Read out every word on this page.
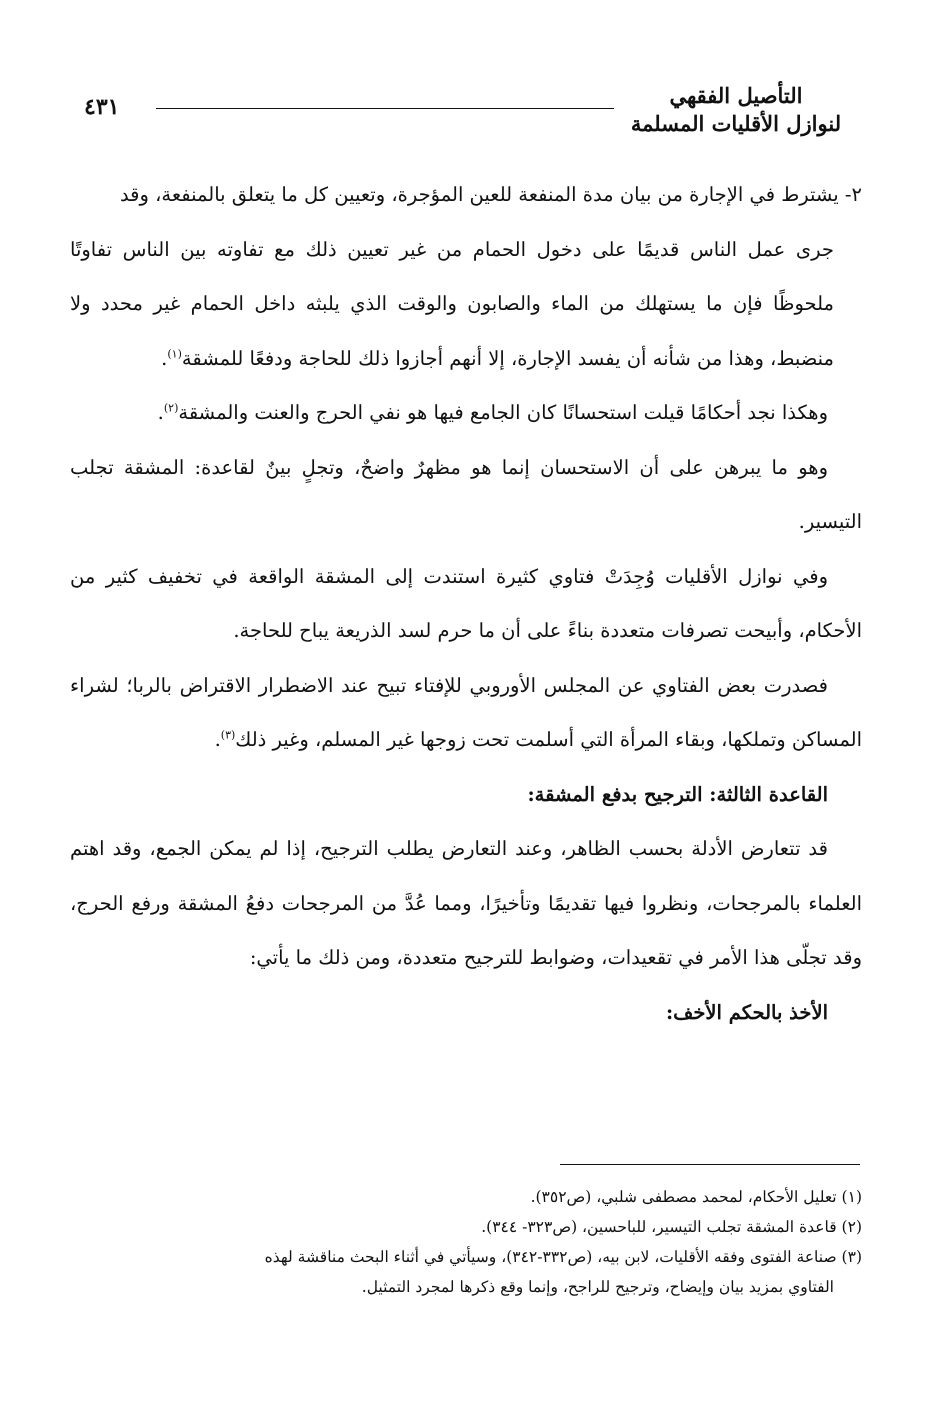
التأصيل الفقهي
لنوازل الأقليات المسلمة
٤٣١

٢- يشترط في الإجارة من بيان مدة المنفعة للعين المؤجرة، وتعيين كل ما يتعلق بالمنفعة، وقد

جرى عمل الناس قديمًا على دخول الحمام من غير تعيين ذلك مع تفاوته بين الناس تفاوتًا ملحوظًا فإن ما يستهلك من الماء والصابون والوقت الذي يلبثه داخل الحمام غير محدد ولا منضبط، وهذا من شأنه أن يفسد الإجارة، إلا أنهم أجازوا ذلك للحاجة ودفعًا للمشقة$^{(١)}$.

وهكذا نجد أحكامًا قيلت استحسانًا كان الجامع فيها هو نفي الحرج والعنت والمشقة$^{(٢)}$.

وهو ما يبرهن على أن الاستحسان إنما هو مظهرٌ واضحٌ، وتجلٍ بينٌ لقاعدة: المشقة تجلب التيسير.

وفي نوازل الأقليات وُجِدَتْ فتاوي كثيرة استندت إلى المشقة الواقعة في تخفيف كثير من الأحكام، وأبيحت تصرفات متعددة بناءً على أن ما حرم لسد الذريعة يباح للحاجة.

فصدرت بعض الفتاوي عن المجلس الأوروبي للإفتاء تبيح عند الاضطرار الاقتراض بالربا؛ لشراء المساكن وتملكها، وبقاء المرأة التي أسلمت تحت زوجها غير المسلم، وغير ذلك$^{(٣)}$.

القاعدة الثالثة: الترجيح بدفع المشقة:

قد تتعارض الأدلة بحسب الظاهر، وعند التعارض يطلب الترجيح، إذا لم يمكن الجمع، وقد اهتم العلماء بالمرجحات، ونظروا فيها تقديمًا وتأخيرًا، ومما عُدَّ من المرجحات دفعُ المشقة ورفع الحرج، وقد تجلّى هذا الأمر في تقعيدات، وضوابط للترجيح متعددة، ومن ذلك ما يأتي:

الأخذ بالحكم الأخف:

(١) تعليل الأحكام، لمحمد مصطفى شلبي، (ص٣٥٢).

(٢) قاعدة المشقة تجلب التيسير، للباحسين، (ص٣٢٣- ٣٤٤).

(٣) صناعة الفتوى وفقه الأقليات، لابن بيه، (ص٣٣٢-٣٤٢)، وسيأتي في أثناء البحث مناقشة لهذه

الفتاوي بمزيد بيان وإيضاح، وترجيح للراجح، وإنما وقع ذكرها لمجرد التمثيل.
